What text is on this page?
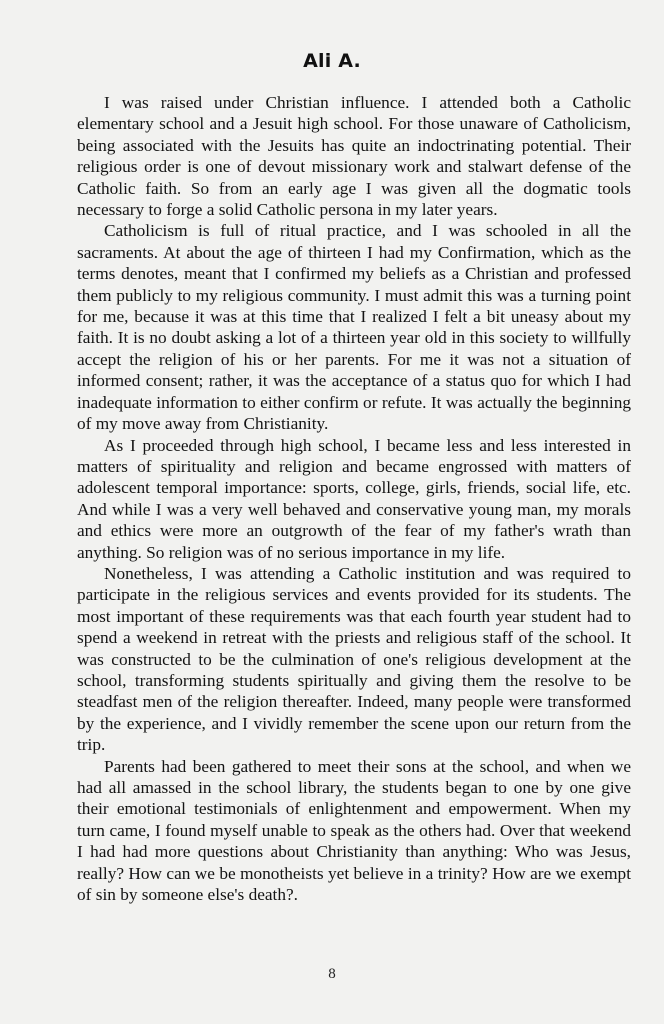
Ali A.

I was raised under Christian influence. I attended both a Catholic elementary school and a Jesuit high school. For those unaware of Catholicism, being associated with the Jesuits has quite an indoctrinating potential. Their religious order is one of devout missionary work and stalwart defense of the Catholic faith. So from an early age I was given all the dogmatic tools necessary to forge a solid Catholic persona in my later years.

Catholicism is full of ritual practice, and I was schooled in all the sacraments. At about the age of thirteen I had my Confirmation, which as the terms denotes, meant that I confirmed my beliefs as a Christian and professed them publicly to my religious community. I must admit this was a turning point for me, because it was at this time that I realized I felt a bit uneasy about my faith. It is no doubt asking a lot of a thirteen year old in this society to willfully accept the religion of his or her parents. For me it was not a situation of informed consent; rather, it was the acceptance of a status quo for which I had inadequate information to either confirm or refute. It was actually the beginning of my move away from Christianity.

As I proceeded through high school, I became less and less interested in matters of spirituality and religion and became engrossed with matters of adolescent temporal importance: sports, college, girls, friends, social life, etc. And while I was a very well behaved and conservative young man, my morals and ethics were more an outgrowth of the fear of my father's wrath than anything. So religion was of no serious importance in my life.

Nonetheless, I was attending a Catholic institution and was required to participate in the religious services and events provided for its students. The most important of these requirements was that each fourth year student had to spend a weekend in retreat with the priests and religious staff of the school. It was constructed to be the culmination of one's religious development at the school, transforming students spiritually and giving them the resolve to be steadfast men of the religion thereafter. Indeed, many people were transformed by the experience, and I vividly remember the scene upon our return from the trip.

Parents had been gathered to meet their sons at the school, and when we had all amassed in the school library, the students began to one by one give their emotional testimonials of enlightenment and empowerment. When my turn came, I found myself unable to speak as the others had. Over that weekend I had had more questions about Christianity than anything: Who was Jesus, really? How can we be monotheists yet believe in a trinity? How are we exempt of sin by someone else's death?.

8
